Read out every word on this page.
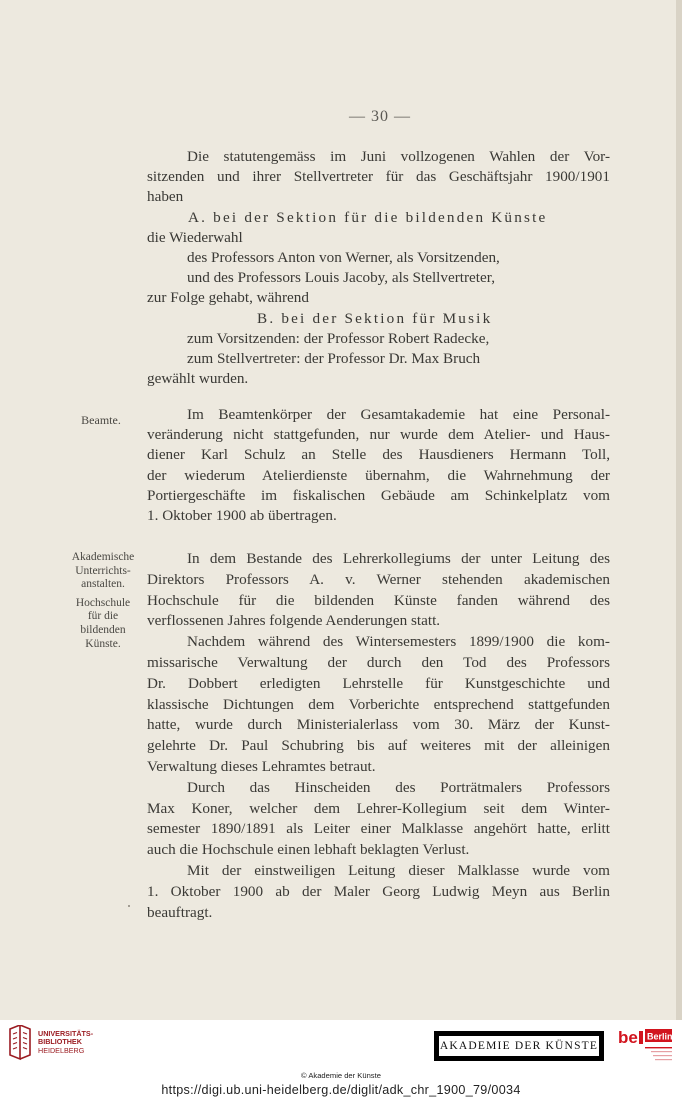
— 30 —
Die statutengemäss im Juni vollzogenen Wahlen der Vor-
sitzenden und ihrer Stellvertreter für das Geschäftsjahr 1900/1901
haben
A. bei der Sektion für die bildenden Künste
die Wiederwahl
des Professors Anton von Werner, als Vorsitzenden,
und des Professors Louis Jacoby, als Stellvertreter,
zur Folge gehabt, während
B. bei der Sektion für Musik
zum Vorsitzenden: der Professor Robert Radecke,
zum Stellvertreter: der Professor Dr. Max Bruch
gewählt wurden.
Beamte.	Im Beamtenkörper der Gesamtakademie hat eine Personal-
veränderung nicht stattgefunden, nur wurde dem Atelier- und Haus-
diener Karl Schulz an Stelle des Hausdieners Hermann Toll,
der wiederum Atelierdienste übernahm, die Wahrnehmung der
Portiergeschäfte im fiskalischen Gebäude am Schinkelplatz vom
1. Oktober 1900 ab übertragen.
Akademische
Unterrichts-
anstalten.
Hochschule
für die
bildenden
Künste.
In dem Bestande des Lehrerkollegiums der unter Leitung des
Direktors Professors A. v. Werner stehenden akademischen
Hochschule für die bildenden Künste fanden während des
verflossenen Jahres folgende Aenderungen statt.
Nachdem während des Wintersemesters 1899/1900 die kom-
missarische Verwaltung der durch den Tod des Professors
Dr. Dobbert erledigten Lehrstelle für Kunstgeschichte und
klassische Dichtungen dem Vorberichte entsprechend stattgefunden
hatte, wurde durch Ministerialerlass vom 30. März der Kunst-
gelehrte Dr. Paul Schubring bis auf weiteres mit der alleinigen
Verwaltung dieses Lehramtes betraut.
Durch das Hinscheiden des Porträtmalers Professors
Max Koner, welcher dem Lehrer-Kollegium seit dem Winter-
semester 1890/1891 als Leiter einer Malklasse angehört hatte, erlitt
auch die Hochschule einen lebhaft beklagten Verlust.
Mit der einstweiligen Leitung dieser Malklasse wurde vom
1. Oktober 1900 ab der Maler Georg Ludwig Meyn aus Berlin
beauftragt.
UNIVERSITÄTS-
BIBLIOTHEK
HEIDELBERG	AKADEMIE DER KÜNSTE be Berlin
© Akademie der Künste
https://digi.ub.uni-heidelberg.de/diglit/adk_chr_1900_79/0034
